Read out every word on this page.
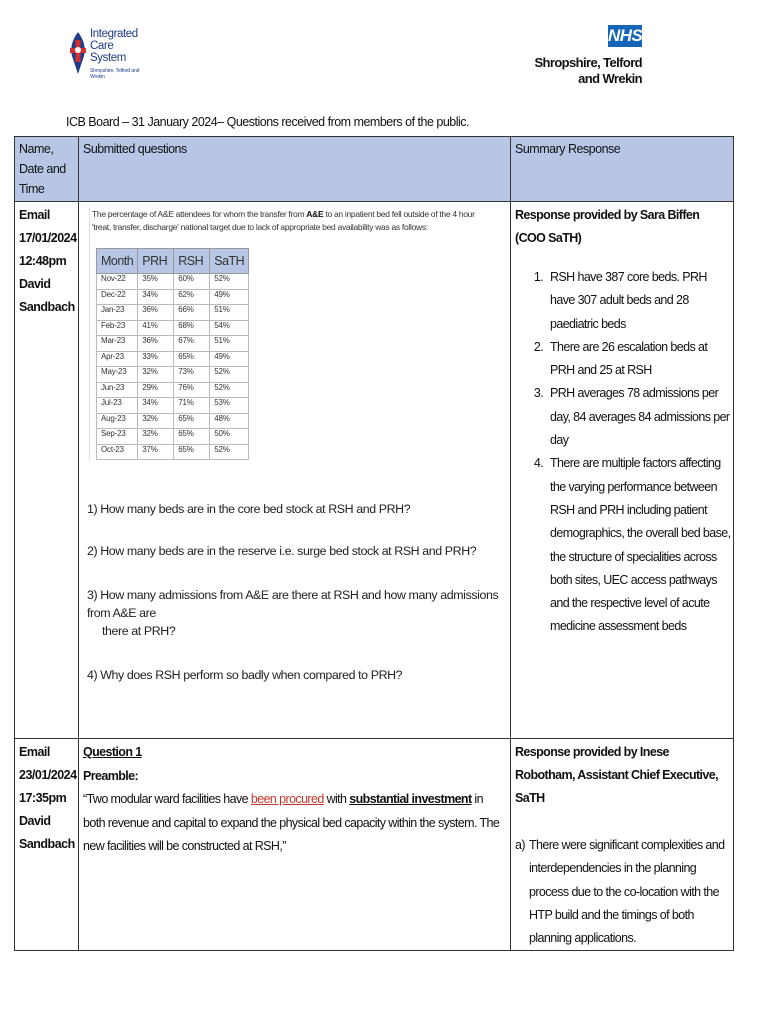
Integrated
Care System
Shropshire, Telford and Wrekin
NHS
Shropshire, Telford
and Wrekin
ICB Board – 31 January 2024– Questions received from members of the public.
Name, Date and Time	Submitted questions	Summary Response

Email
17/01/2024
12:48pm
David
Sandbach

The percentage of A&E attendees for whom the transfer from A&E to an inpatient bed fell outside of the 4 hour 'treat, transfer, discharge' national target due to lack of appropriate bed availability was as follows:
Month	PRH	RSH	SaTH
Nov-22	35%	60%	52%
Dec-22	34%	62%	49%
Jan-23	36%	66%	51%
Feb-23	41%	68%	54%
Mar-23	36%	67%	51%
Apr-23	33%	65%	49%
May-23	32%	73%	52%
Jun-23	29%	76%	52%
Jul-23	34%	71%	53%
Aug-23	32%	65%	48%
Sep-23	32%	65%	50%
Oct-23	37%	65%	52%
1) How many beds are in the core bed stock at RSH and PRH?
2) How many beds are in the reserve i.e. surge bed stock at RSH and PRH?
3) How many admissions from A&E are there at RSH and how many admissions from A&E are
there at PRH?
4) Why does RSH perform so badly when compared to PRH?

Response provided by Sara Biffen (COO SaTH)
1. RSH have 387 core beds. PRH have 307 adult beds and 28 paediatric beds
2. There are 26 escalation beds at PRH and 25 at RSH
3. PRH averages 78 admissions per day, 84 averages 84 admissions per day
4. There are multiple factors affecting the varying performance between RSH and PRH including patient demographics, the overall bed base, the structure of specialities across both sites, UEC access pathways and the respective level of acute medicine assessment beds

Email
23/01/2024
17:35pm
David
Sandbach

Question 1
Preamble:
“Two modular ward facilities have been procured with substantial investment in both revenue and capital to expand the physical bed capacity within the system. The new facilities will be constructed at RSH,”

Response provided by Inese Robotham, Assistant Chief Executive, SaTH
a) There were significant complexities and interdependencies in the planning process due to the co-location with the HTP build and the timings of both planning applications.
